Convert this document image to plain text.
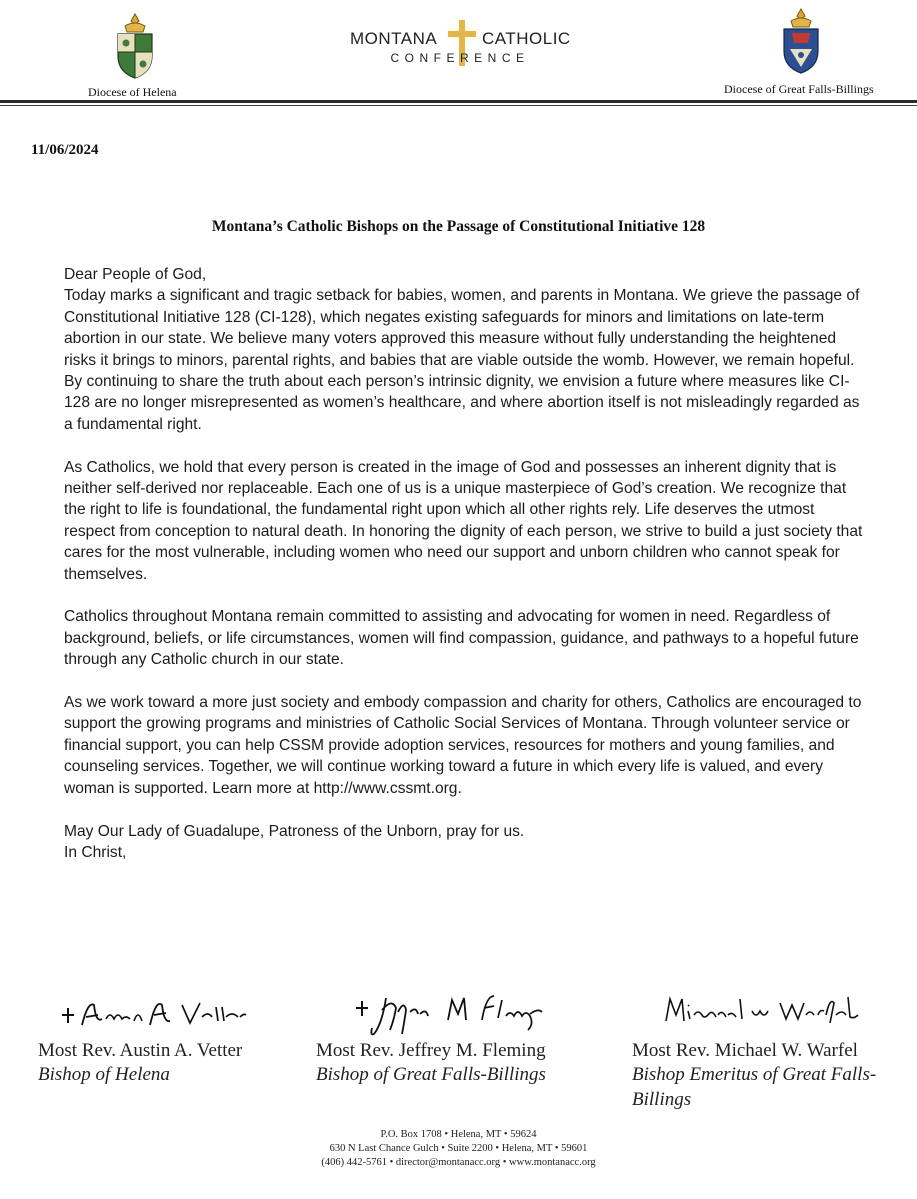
Diocese of Helena
MONTANA	CATHOLIC
CONFERENCE
Diocese of Great Falls-Billings
11/06/2024
Montana’s Catholic Bishops on the Passage of Constitutional Initiative 128
Dear People of God,

Today marks a significant and tragic setback for babies, women, and parents in Montana. We grieve the passage of Constitutional Initiative 128 (CI-128), which negates existing safeguards for minors and limitations on late-term abortion in our state. We believe many voters approved this measure without fully understanding the heightened risks it brings to minors, parental rights, and babies that are viable outside the womb. However, we remain hopeful. By continuing to share the truth about each person’s intrinsic dignity, we envision a future where measures like CI-128 are no longer misrepresented as women’s healthcare, and where abortion itself is not misleadingly regarded as a fundamental right.

As Catholics, we hold that every person is created in the image of God and possesses an inherent dignity that is neither self-derived nor replaceable. Each one of us is a unique masterpiece of God’s creation. We recognize that the right to life is foundational, the fundamental right upon which all other rights rely. Life deserves the utmost respect from conception to natural death. In honoring the dignity of each person, we strive to build a just society that cares for the most vulnerable, including women who need our support and unborn children who cannot speak for themselves.

Catholics throughout Montana remain committed to assisting and advocating for women in need. Regardless of background, beliefs, or life circumstances, women will find compassion, guidance, and pathways to a hopeful future through any Catholic church in our state.

As we work toward a more just society and embody compassion and charity for others, Catholics are encouraged to support the growing programs and ministries of Catholic Social Services of Montana. Through volunteer service or financial support, you can help CSSM provide adoption services, resources for mothers and young families, and counseling services. Together, we will continue working toward a future in which every life is valued, and every woman is supported. Learn more at http://www.cssmt.org.

May Our Lady of Guadalupe, Patroness of the Unborn, pray for us.
In Christ,
Most Rev. Austin A. Vetter
Bishop of Helena
Most Rev. Jeffrey M. Fleming
Bishop of Great Falls-Billings
Most Rev. Michael W. Warfel
Bishop Emeritus of Great Falls-Billings
P.O. Box 1708 • Helena, MT • 59624
630 N Last Chance Gulch • Suite 2200 • Helena, MT • 59601
(406) 442-5761 • director@montanacc.org • www.montanacc.org
